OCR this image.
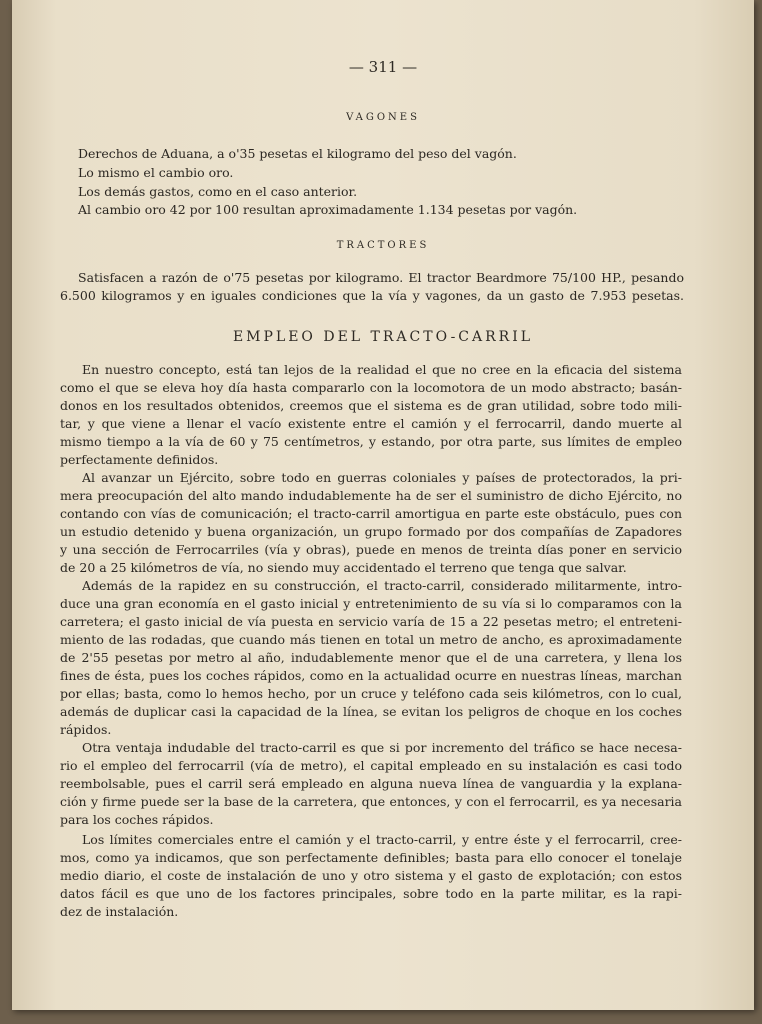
— 311 —
VAGONES
Derechos de Aduana, a o'35 pesetas el kilogramo del peso del vagón.
Lo mismo el cambio oro.
Los demás gastos, como en el caso anterior.
Al cambio oro 42 por 100 resultan aproximadamente 1.134 pesetas por vagón.
TRACTORES
Satisfacen a razón de o'75 pesetas por kilogramo. El tractor Beardmore 75/100 HP., pesando
6.500 kilogramos y en iguales condiciones que la vía y vagones, da un gasto de 7.953 pesetas.
EMPLEO DEL TRACTO-CARRIL
En nuestro concepto, está tan lejos de la realidad el que no cree en la eficacia del sistema
como el que se eleva hoy día hasta compararlo con la locomotora de un modo abstracto; basán-
donos en los resultados obtenidos, creemos que el sistema es de gran utilidad, sobre todo mili-
tar, y que viene a llenar el vacío existente entre el camión y el ferrocarril, dando muerte al
mismo tiempo a la vía de 60 y 75 centímetros, y estando, por otra parte, sus límites de empleo
perfectamente definidos.
Al avanzar un Ejército, sobre todo en guerras coloniales y países de protectorados, la pri-
mera preocupación del alto mando indudablemente ha de ser el suministro de dicho Ejército, no
contando con vías de comunicación; el tracto-carril amortigua en parte este obstáculo, pues con
un estudio detenido y buena organización, un grupo formado por dos compañías de Zapadores
y una sección de Ferrocarriles (vía y obras), puede en menos de treinta días poner en servicio
de 20 a 25 kilómetros de vía, no siendo muy accidentado el terreno que tenga que salvar.
Además de la rapidez en su construcción, el tracto-carril, considerado militarmente, intro-
duce una gran economía en el gasto inicial y entretenimiento de su vía si lo comparamos con la
carretera; el gasto inicial de vía puesta en servicio varía de 15 a 22 pesetas metro; el entreteni-
miento de las rodadas, que cuando más tienen en total un metro de ancho, es aproximadamente
de 2'55 pesetas por metro al año, indudablemente menor que el de una carretera, y llena los
fines de ésta, pues los coches rápidos, como en la actualidad ocurre en nuestras líneas, marchan
por ellas; basta, como lo hemos hecho, por un cruce y teléfono cada seis kilómetros, con lo cual,
además de duplicar casi la capacidad de la línea, se evitan los peligros de choque en los coches
rápidos.
Otra ventaja indudable del tracto-carril es que si por incremento del tráfico se hace necesa-
rio el empleo del ferrocarril (vía de metro), el capital empleado en su instalación es casi todo
reembolsable, pues el carril será empleado en alguna nueva línea de vanguardia y la explana-
ción y firme puede ser la base de la carretera, que entonces, y con el ferrocarril, es ya necesaria
para los coches rápidos.
Los límites comerciales entre el camión y el tracto-carril, y entre éste y el ferrocarril, cree-
mos, como ya indicamos, que son perfectamente definibles; basta para ello conocer el tonelaje
medio diario, el coste de instalación de uno y otro sistema y el gasto de explotación; con estos
datos fácil es que uno de los factores principales, sobre todo en la parte militar, es la rapi-
dez de instalación.
